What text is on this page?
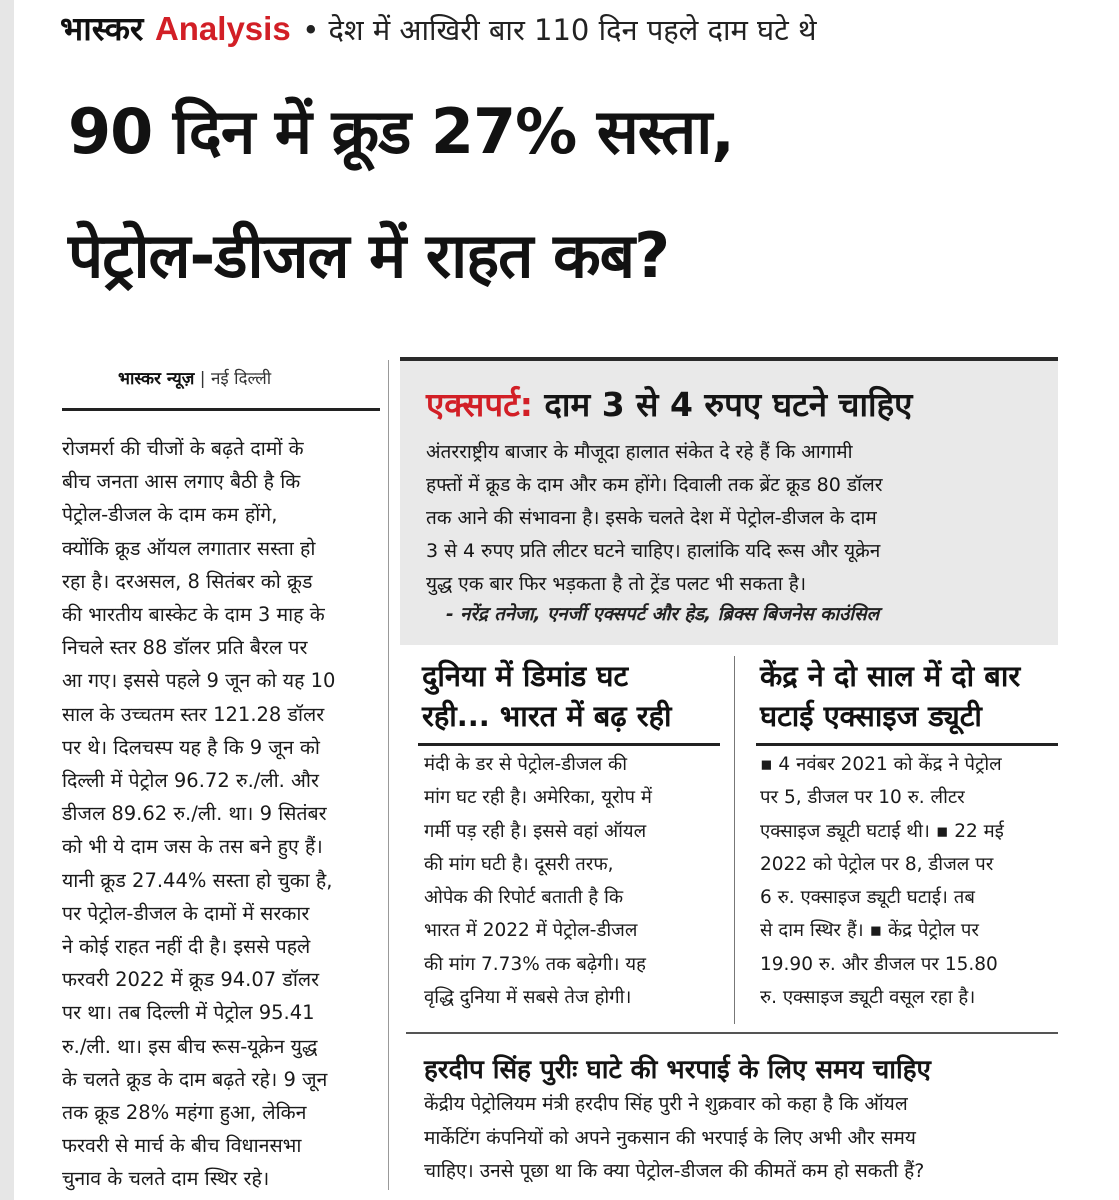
भास्कर Analysis • देश में आखिरी बार 110 दिन पहले दाम घटे थे
90 दिन में क्रूड 27% सस्ता,
पेट्रोल-डीजल में राहत कब?
भास्कर न्यूज़ | नई दिल्ली
रोजमर्रा की चीजों के बढ़ते दामों के
बीच जनता आस लगाए बैठी है कि
पेट्रोल-डीजल के दाम कम होंगे,
क्योंकि क्रूड ऑयल लगातार सस्ता हो
रहा है। दरअसल, 8 सितंबर को क्रूड
की भारतीय बास्केट के दाम 3 माह के
निचले स्तर 88 डॉलर प्रति बैरल पर
आ गए। इससे पहले 9 जून को यह 10
साल के उच्चतम स्तर 121.28 डॉलर
पर थे। दिलचस्प यह है कि 9 जून को
दिल्ली में पेट्रोल 96.72 रु./ली. और
डीजल 89.62 रु./ली. था। 9 सितंबर
को भी ये दाम जस के तस बने हुए हैं।
यानी क्रूड 27.44% सस्ता हो चुका है,
पर पेट्रोल-डीजल के दामों में सरकार
ने कोई राहत नहीं दी है। इससे पहले
फरवरी 2022 में क्रूड 94.07 डॉलर
पर था। तब दिल्ली में पेट्रोल 95.41
रु./ली. था। इस बीच रूस-यूक्रेन युद्ध
के चलते क्रूड के दाम बढ़ते रहे। 9 जून
तक क्रूड 28% महंगा हुआ, लेकिन
फरवरी से मार्च के बीच विधानसभा
चुनाव के चलते दाम स्थिर रहे।
एक्सपर्ट: दाम 3 से 4 रुपए घटने चाहिए
अंतरराष्ट्रीय बाजार के मौजूदा हालात संकेत दे रहे हैं कि आगामी
हफ्तों में क्रूड के दाम और कम होंगे। दिवाली तक ब्रेंट क्रूड 80 डॉलर
तक आने की संभावना है। इसके चलते देश में पेट्रोल-डीजल के दाम
3 से 4 रुपए प्रति लीटर घटने चाहिए। हालांकि यदि रूस और यूक्रेन
युद्ध एक बार फिर भड़कता है तो ट्रेंड पलट भी सकता है।
- नरेंद्र तनेजा, एनर्जी एक्सपर्ट और हेड, ब्रिक्स बिजनेस काउंसिल
दुनिया में डिमांड घट
रही... भारत में बढ़ रही
मंदी के डर से पेट्रोल-डीजल की
मांग घट रही है। अमेरिका, यूरोप में
गर्मी पड़ रही है। इससे वहां ऑयल
की मांग घटी है। दूसरी तरफ,
ओपेक की रिपोर्ट बताती है कि
भारत में 2022 में पेट्रोल-डीजल
की मांग 7.73% तक बढ़ेगी। यह
वृद्धि दुनिया में सबसे तेज होगी।
केंद्र ने दो साल में दो बार
घटाई एक्साइज ड्यूटी
▪ 4 नवंबर 2021 को केंद्र ने पेट्रोल
पर 5, डीजल पर 10 रु. लीटर
एक्साइज ड्यूटी घटाई थी। ▪ 22 मई
2022 को पेट्रोल पर 8, डीजल पर
6 रु. एक्साइज ड्यूटी घटाई। तब
से दाम स्थिर हैं। ▪ केंद्र पेट्रोल पर
19.90 रु. और डीजल पर 15.80
रु. एक्साइज ड्यूटी वसूल रहा है।
हरदीप सिंह पुरीः घाटे की भरपाई के लिए समय चाहिए
केंद्रीय पेट्रोलियम मंत्री हरदीप सिंह पुरी ने शुक्रवार को कहा है कि ऑयल
मार्केटिंग कंपनियों को अपने नुकसान की भरपाई के लिए अभी और समय
चाहिए। उनसे पूछा था कि क्या पेट्रोल-डीजल की कीमतें कम हो सकती हैं?
